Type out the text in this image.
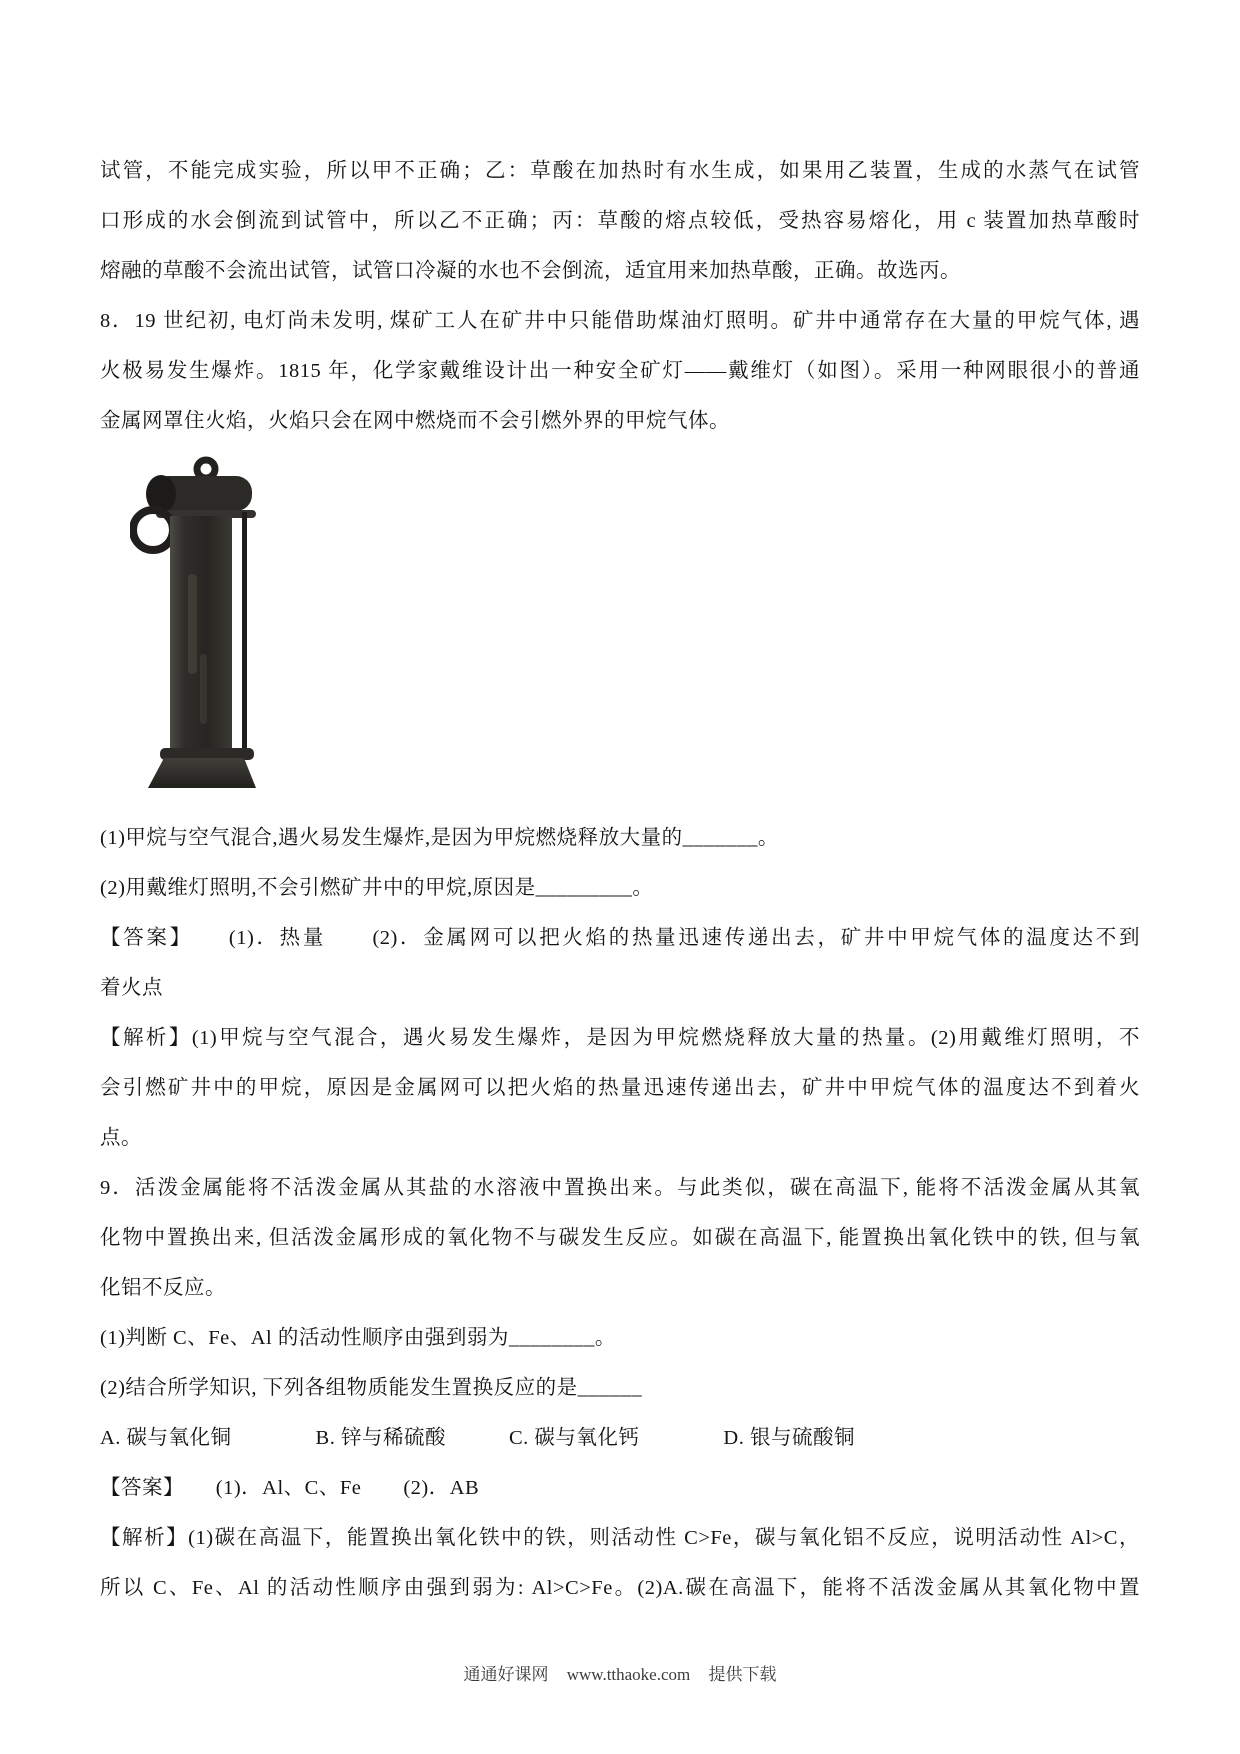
试管，不能完成实验，所以甲不正确；乙：草酸在加热时有水生成，如果用乙装置，生成的水蒸气在试管
口形成的水会倒流到试管中，所以乙不正确；丙：草酸的熔点较低，受热容易熔化，用 c 装置加热草酸时
熔融的草酸不会流出试管，试管口冷凝的水也不会倒流，适宜用来加热草酸，正确。故选丙。
8．19 世纪初, 电灯尚未发明, 煤矿工人在矿井中只能借助煤油灯照明。矿井中通常存在大量的甲烷气体, 遇
火极易发生爆炸。1815 年，化学家戴维设计出一种安全矿灯——戴维灯（如图）。采用一种网眼很小的普通
金属网罩住火焰，火焰只会在网中燃烧而不会引燃外界的甲烷气体。
(1)甲烷与空气混合,遇火易发生爆炸,是因为甲烷燃烧释放大量的_______。
(2)用戴维灯照明,不会引燃矿井中的甲烷,原因是_________。
【答案】　　(1)．热量　　(2)．金属网可以把火焰的热量迅速传递出去，矿井中甲烷气体的温度达不到
着火点
【解析】(1)甲烷与空气混合，遇火易发生爆炸，是因为甲烷燃烧释放大量的热量。(2)用戴维灯照明，不
会引燃矿井中的甲烷，原因是金属网可以把火焰的热量迅速传递出去，矿井中甲烷气体的温度达不到着火
点。
9．活泼金属能将不活泼金属从其盐的水溶液中置换出来。与此类似，碳在高温下, 能将不活泼金属从其氧
化物中置换出来, 但活泼金属形成的氧化物不与碳发生反应。如碳在高温下, 能置换出氧化铁中的铁, 但与氧
化铝不反应。
(1)判断 C、Fe、Al 的活动性顺序由强到弱为________。
(2)结合所学知识, 下列各组物质能发生置换反应的是______
A. 碳与氧化铜　　　　B. 锌与稀硫酸　　　C. 碳与氧化钙　　　　D. 银与硫酸铜
【答案】　　(1)．Al、C、Fe　　(2)．AB
【解析】(1)碳在高温下，能置换出氧化铁中的铁，则活动性 C>Fe，碳与氧化铝不反应，说明活动性 Al>C，
所以 C、Fe、Al 的活动性顺序由强到弱为: Al>C>Fe。(2)A.碳在高温下，能将不活泼金属从其氧化物中置
通通好课网 www.tthaoke.com 提供下载
